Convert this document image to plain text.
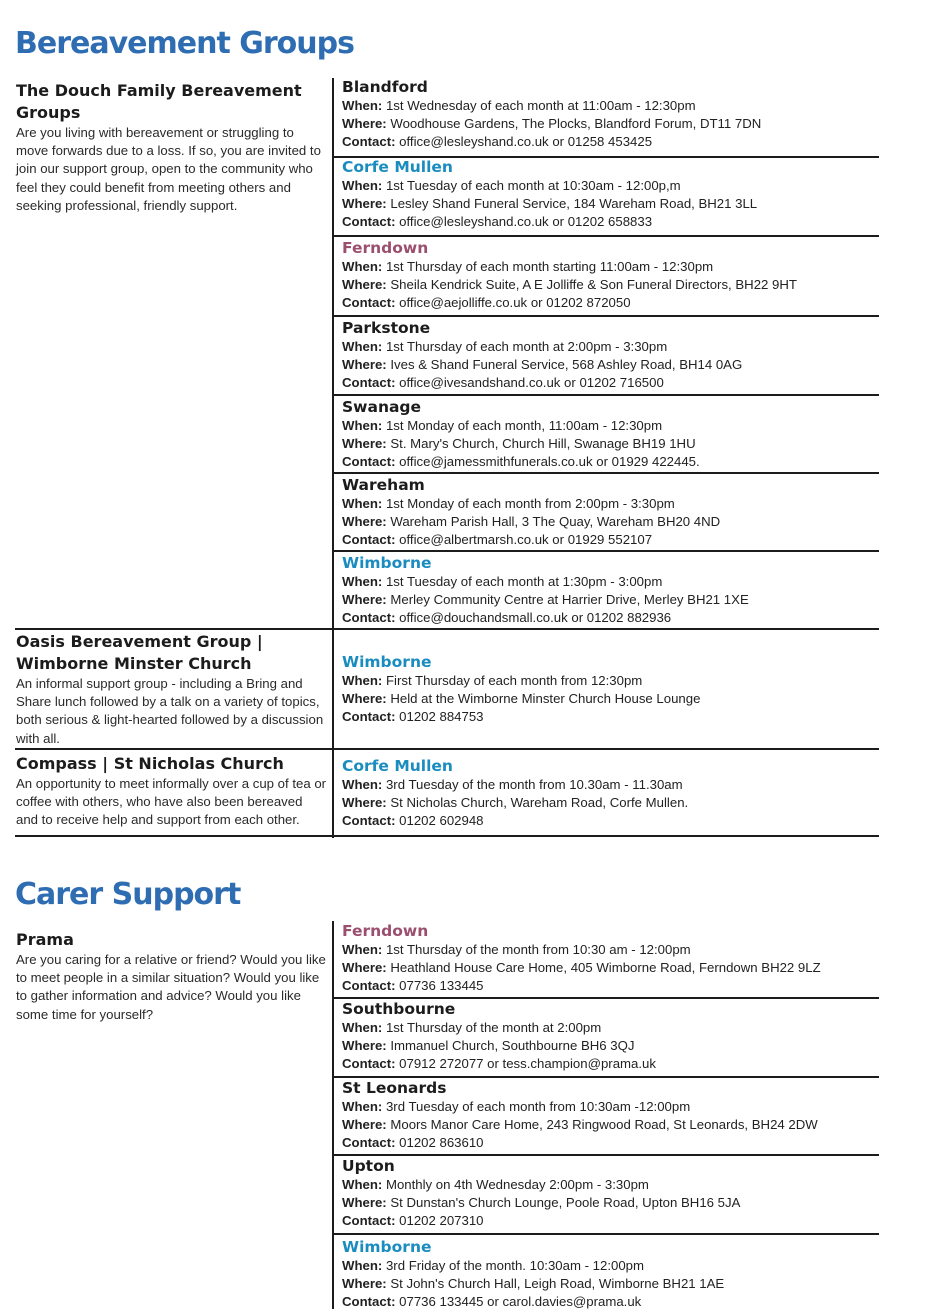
Bereavement Groups
The Douch Family Bereavement Groups
Are you living with bereavement or struggling to move forwards due to a loss. If so, you are invited to join our support group, open to the community who feel they could benefit from meeting others and seeking professional, friendly support.
Oasis Bereavement Group | Wimborne Minster Church
An informal support group - including a Bring and Share lunch followed by a talk on a variety of topics, both serious & light-hearted followed by a discussion with all.
Compass | St Nicholas Church
An opportunity to meet informally over a cup of tea or coffee with others, who have also been bereaved and to receive help and support from each other.
Blandford
When: 1st Wednesday of each month at 11:00am - 12:30pm
Where: Woodhouse Gardens, The Plocks, Blandford Forum, DT11 7DN
Contact: office@lesleyshand.co.uk or 01258 453425
Corfe Mullen
When: 1st Tuesday of each month at 10:30am - 12:00p,m
Where: Lesley Shand Funeral Service, 184 Wareham Road, BH21 3LL
Contact: office@lesleyshand.co.uk or 01202 658833
Ferndown
When: 1st Thursday of each month starting 11:00am - 12:30pm
Where: Sheila Kendrick Suite, A E Jolliffe & Son Funeral Directors, BH22 9HT
Contact: office@aejolliffe.co.uk or 01202 872050
Parkstone
When: 1st Thursday of each month at 2:00pm - 3:30pm
Where: Ives & Shand Funeral Service, 568 Ashley Road, BH14 0AG
Contact: office@ivesandshand.co.uk or 01202 716500
Swanage
When: 1st Monday of each month, 11:00am - 12:30pm
Where: St. Mary's Church, Church Hill, Swanage BH19 1HU
Contact: office@jamessmithfunerals.co.uk or 01929 422445.
Wareham
When: 1st Monday of each month from 2:00pm - 3:30pm
Where: Wareham Parish Hall, 3 The Quay, Wareham BH20 4ND
Contact: office@albertmarsh.co.uk or 01929 552107
Wimborne
When: 1st Tuesday of each month at 1:30pm - 3:00pm
Where: Merley Community Centre at Harrier Drive, Merley BH21 1XE
Contact: office@douchandsmall.co.uk or 01202 882936
Wimborne
When: First Thursday of each month from 12:30pm
Where: Held at the Wimborne Minster Church House Lounge
Contact: 01202 884753
Corfe Mullen
When: 3rd Tuesday of the month from 10.30am - 11.30am
Where: St Nicholas Church, Wareham Road, Corfe Mullen.
Contact: 01202 602948
Carer Support
Prama
Are you caring for a relative or friend? Would you like to meet people in a similar situation? Would you like to gather information and advice? Would you like some time for yourself?
Ferndown
When: 1st Thursday of the month from 10:30 am - 12:00pm
Where: Heathland House Care Home, 405 Wimborne Road, Ferndown BH22 9LZ
Contact: 07736 133445
Southbourne
When: 1st Thursday of the month at 2:00pm
Where: Immanuel Church, Southbourne BH6 3QJ
Contact: 07912 272077 or tess.champion@prama.uk
St Leonards
When: 3rd Tuesday of each month from 10:30am -12:00pm
Where: Moors Manor Care Home, 243 Ringwood Road, St Leonards, BH24 2DW
Contact: 01202 863610
Upton
When: Monthly on 4th Wednesday 2:00pm - 3:30pm
Where: St Dunstan's Church Lounge, Poole Road, Upton BH16 5JA
Contact: 01202 207310
Wimborne
When: 3rd Friday of the month. 10:30am - 12:00pm
Where: St John's Church Hall, Leigh Road, Wimborne BH21 1AE
Contact: 07736 133445 or carol.davies@prama.uk
